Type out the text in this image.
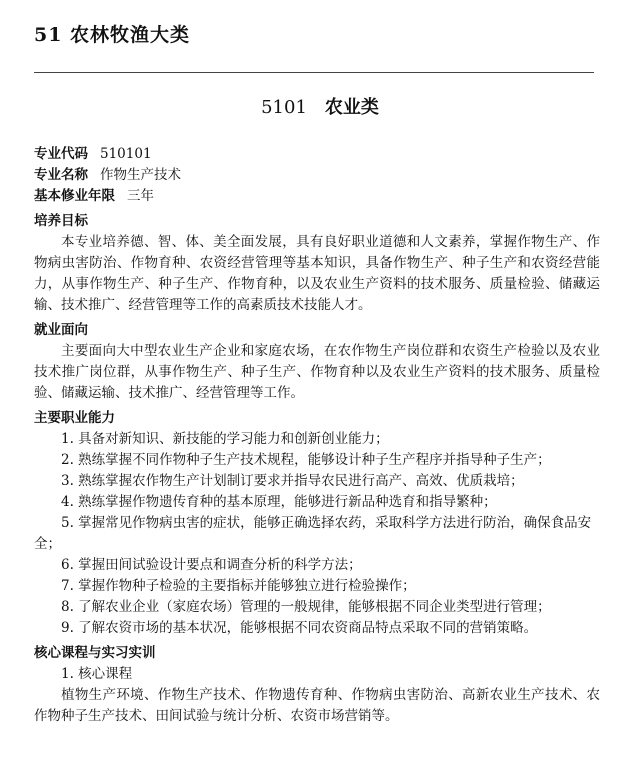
51 农林牧渔大类
5101 农业类
专业代码 510101
专业名称 作物生产技术
基本修业年限 三年
培养目标
本专业培养德、智、体、美全面发展，具有良好职业道德和人文素养，掌握作物生产、作物病虫害防治、作物育种、农资经营管理等基本知识，具备作物生产、种子生产和农资经营能力，从事作物生产、种子生产、作物育种，以及农业生产资料的技术服务、质量检验、储藏运输、技术推广、经营管理等工作的高素质技术技能人才。
就业面向
主要面向大中型农业生产企业和家庭农场，在农作物生产岗位群和农资生产检验以及农业技术推广岗位群，从事作物生产、种子生产、作物育种以及农业生产资料的技术服务、质量检验、储藏运输、技术推广、经营管理等工作。
主要职业能力
1. 具备对新知识、新技能的学习能力和创新创业能力；
2. 熟练掌握不同作物种子生产技术规程，能够设计种子生产程序并指导种子生产；
3. 熟练掌握农作物生产计划制订要求并指导农民进行高产、高效、优质栽培；
4. 熟练掌握作物遗传育种的基本原理，能够进行新品种选育和指导繁种；
5. 掌握常见作物病虫害的症状，能够正确选择农药，采取科学方法进行防治，确保食品安全；
6. 掌握田间试验设计要点和调查分析的科学方法；
7. 掌握作物种子检验的主要指标并能够独立进行检验操作；
8. 了解农业企业（家庭农场）管理的一般规律，能够根据不同企业类型进行管理；
9. 了解农资市场的基本状况，能够根据不同农资商品特点采取不同的营销策略。
核心课程与实习实训
1. 核心课程
植物生产环境、作物生产技术、作物遗传育种、作物病虫害防治、高新农业生产技术、农作物种子生产技术、田间试验与统计分析、农资市场营销等。
